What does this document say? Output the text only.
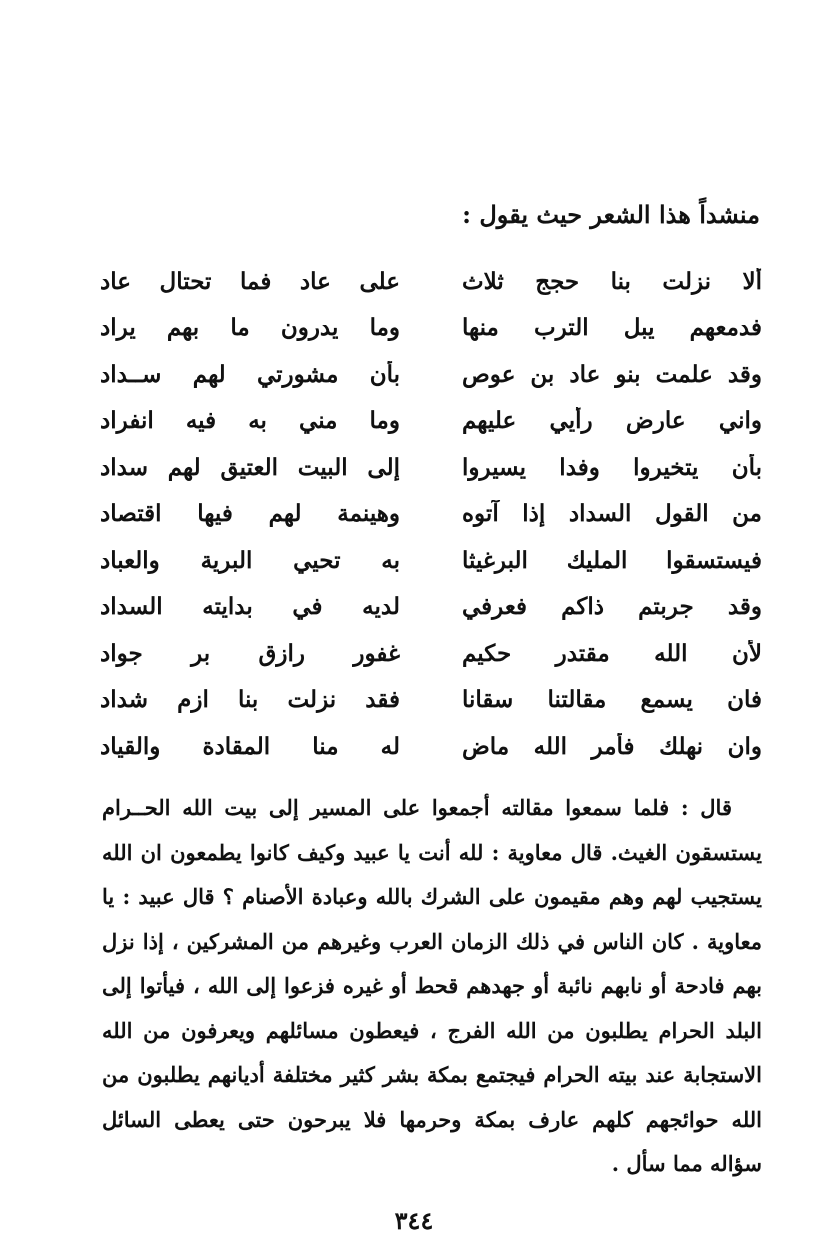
منشداً هذا الشعر حيث يقول :
ألا نزلت بنا حجج ثلاث
على عاد فما تحتال عاد
فدمعهم يبل الترب منها
وما يدرون ما بهم يراد
وقد علمت بنو عاد بن عوص
بأن مشورتي لهم ســداد
واني عارض رأيي عليهم
وما مني به فيه انفراد
بأن يتخيروا وفدا يسيروا
إلى البيت العتيق لهم سداد
من القول السداد إذا آتوه
وهينمة لهم فيها اقتصاد
فيستسقوا المليك البرغيثا
به تحيي البرية والعباد
وقد جربتم ذاكم فعرفي
لديه في بدايته السداد
لأن الله مقتدر حكيم
غفور رازق بر جواد
فان يسمع مقالتنا سقانا
فقد نزلت بنا ازم شداد
وان نهلك فأمر الله ماض
له منا المقادة والقياد

قال : فلما سمعوا مقالته أجمعوا على المسير إلى بيت الله الحــرام يستسقون الغيث. قال معاوية : لله أنت يا عبيد وكيف كانوا يطمعون ان الله يستجيب لهم وهم مقيمون على الشرك بالله وعبادة الأصنام ؟ قال عبيد : يا معاوية . كان الناس في ذلك الزمان العرب وغيرهم من المشركين ، إذا نزل بهم فادحة أو نابهم نائبة أو جهدهم قحط أو غيره فزعوا إلى الله ، فيأتوا إلى البلد الحرام يطلبون من الله الفرج ، فيعطون مسائلهم ويعرفون من الله الاستجابة عند بيته الحرام فيجتمع بمكة بشر كثير مختلفة أديانهم يطلبون من الله حوائجهم كلهم عارف بمكة وحرمها فلا يبرحون حتى يعطى السائل سؤاله مما سأل .

٣٤٤
